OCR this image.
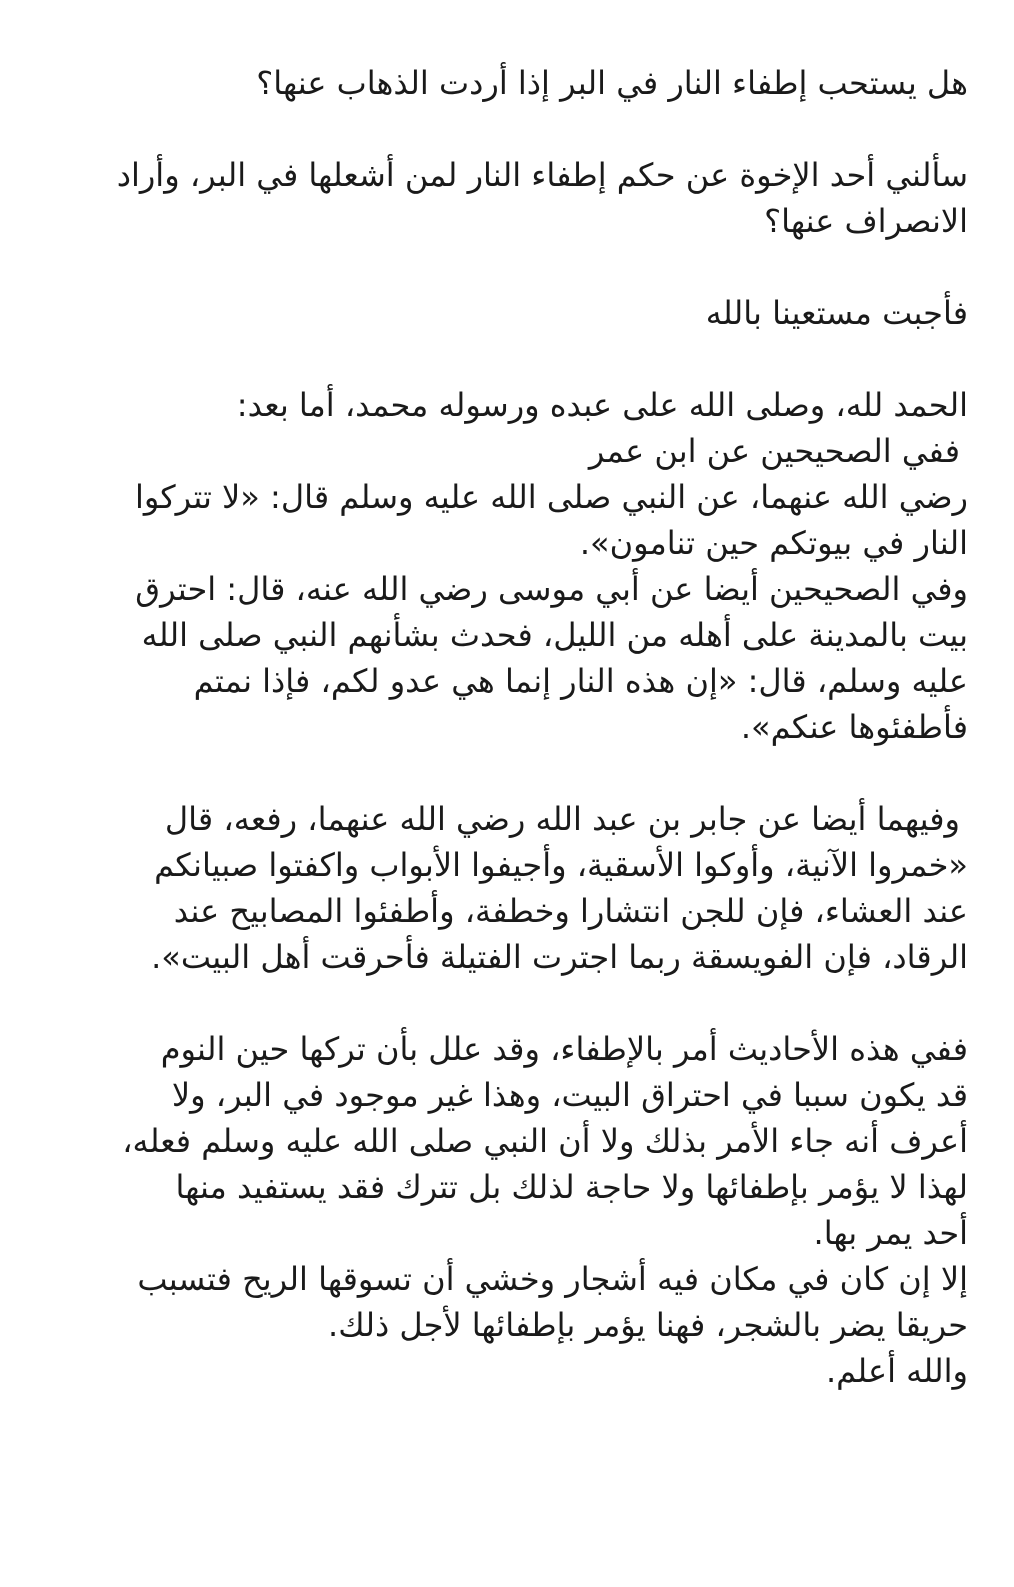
هل يستحب إطفاء النار في البر إذا أردت الذهاب عنها؟
سألني أحد الإخوة عن حكم إطفاء النار لمن أشعلها في البر، وأراد
الانصراف عنها؟
فأجبت مستعينا بالله
الحمد لله، وصلى الله على عبده ورسوله محمد، أما بعد:
ففي الصحيحين عن ابن عمر
رضي الله عنهما، عن النبي صلى الله عليه وسلم قال: «لا تتركوا
النار في بيوتكم حين تنامون».
وفي الصحيحين أيضا عن أبي موسى رضي الله عنه، قال: احترق
بيت بالمدينة على أهله من الليل، فحدث بشأنهم النبي صلى الله
عليه وسلم، قال: «إن هذه النار إنما هي عدو لكم، فإذا نمتم
فأطفئوها عنكم».
وفيهما أيضا عن جابر بن عبد الله رضي الله عنهما، رفعه، قال
«خمروا الآنية، وأوكوا الأسقية، وأجيفوا الأبواب واكفتوا صبيانكم
عند العشاء، فإن للجن انتشارا وخطفة، وأطفئوا المصابيح عند
الرقاد، فإن الفويسقة ربما اجترت الفتيلة فأحرقت أهل البيت».
ففي هذه الأحاديث أمر بالإطفاء، وقد علل بأن تركها حين النوم
قد يكون سببا في احتراق البيت، وهذا غير موجود في البر، ولا
أعرف أنه جاء الأمر بذلك ولا أن النبي صلى الله عليه وسلم فعله،
لهذا لا يؤمر بإطفائها ولا حاجة لذلك بل تترك فقد يستفيد منها
أحد يمر بها.
إلا إن كان في مكان فيه أشجار وخشي أن تسوقها الريح فتسبب
حريقا يضر بالشجر، فهنا يؤمر بإطفائها لأجل ذلك.
والله أعلم.
